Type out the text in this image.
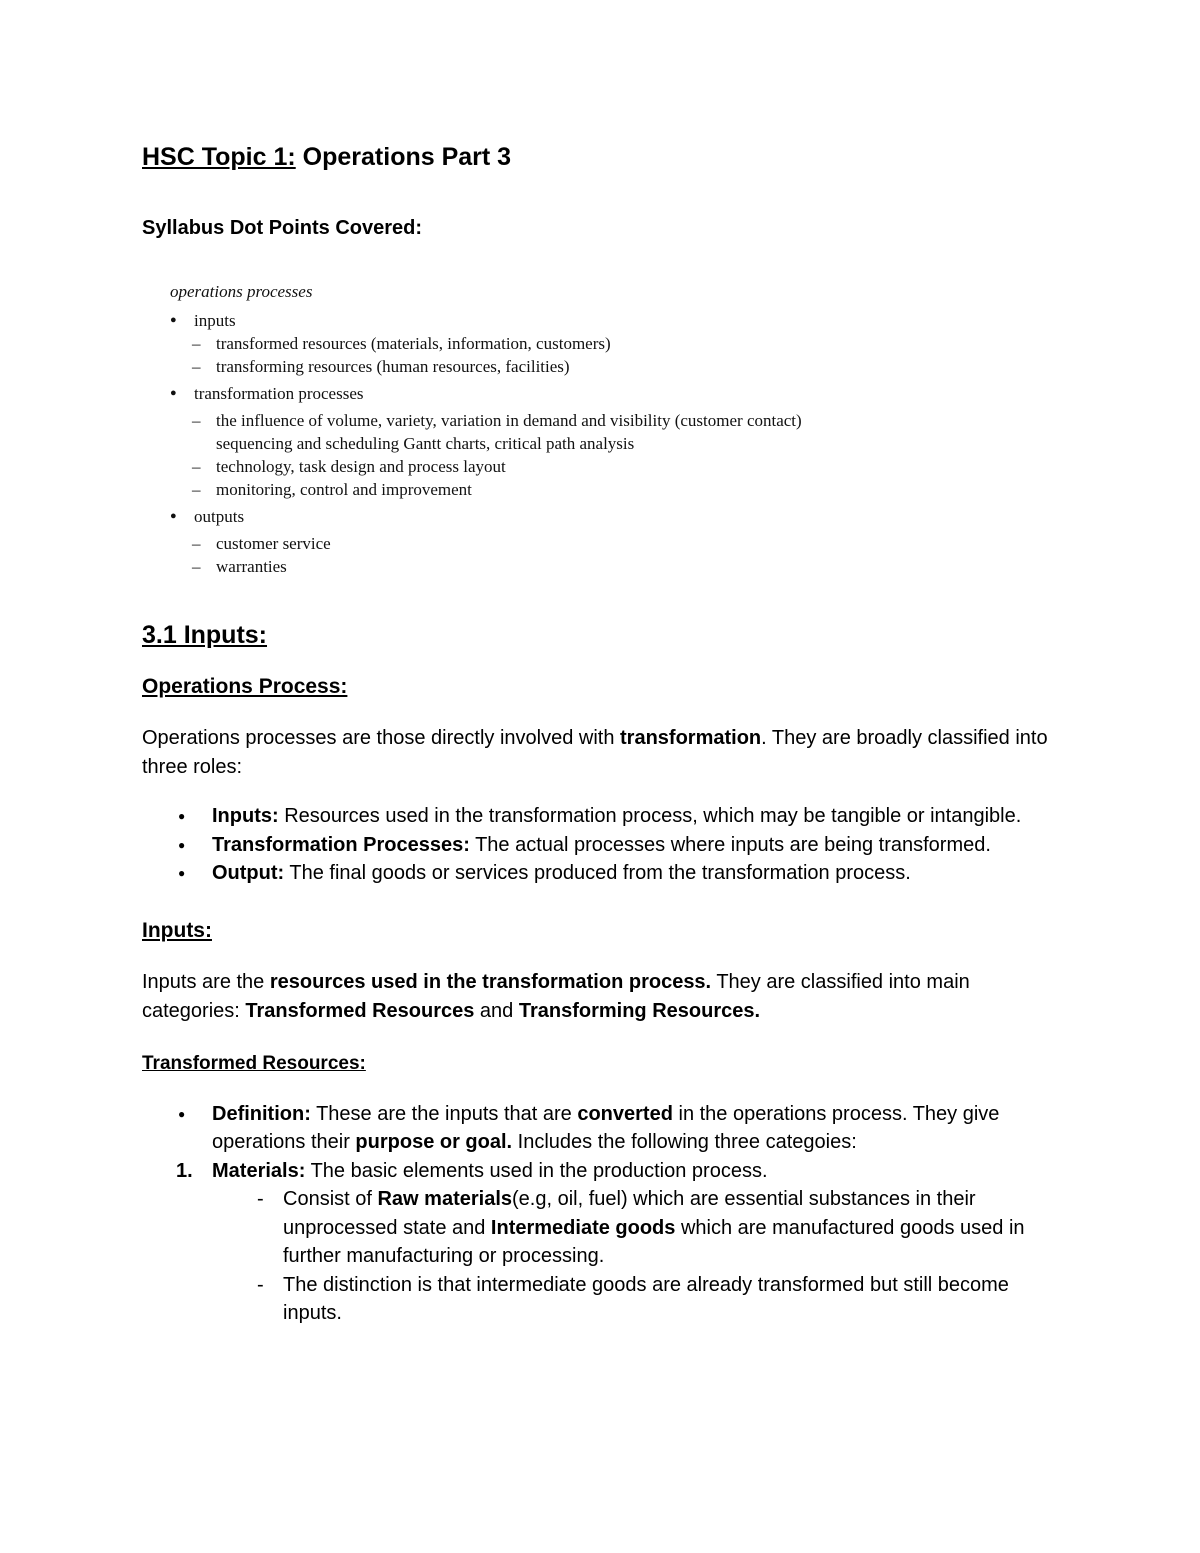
HSC Topic 1: Operations Part 3
Syllabus Dot Points Covered:
operations processes
● inputs
– transformed resources (materials, information, customers)
– transforming resources (human resources, facilities)
● transformation processes
– the influence of volume, variety, variation in demand and visibility (customer contact)
sequencing and scheduling Gantt charts, critical path analysis
– technology, task design and process layout
– monitoring, control and improvement
● outputs
– customer service
– warranties
3.1 Inputs:
Operations Process:

Operations processes are those directly involved with transformation. They are broadly classified into three roles:

● Inputs: Resources used in the transformation process, which may be tangible or intangible.
● Transformation Processes: The actual processes where inputs are being transformed.
● Output: The final goods or services produced from the transformation process.
Inputs:

Inputs are the resources used in the transformation process. They are classified into main categories: Transformed Resources and Transforming Resources.

Transformed Resources:
● Definition: These are the inputs that are converted in the operations process. They give operations their purpose or goal. Includes the following three categoies:
1. Materials: The basic elements used in the production process.
- Consist of Raw materials(e.g, oil, fuel) which are essential substances in their unprocessed state and Intermediate goods which are manufactured goods used in further manufacturing or processing.
- The distinction is that intermediate goods are already transformed but still become inputs.
